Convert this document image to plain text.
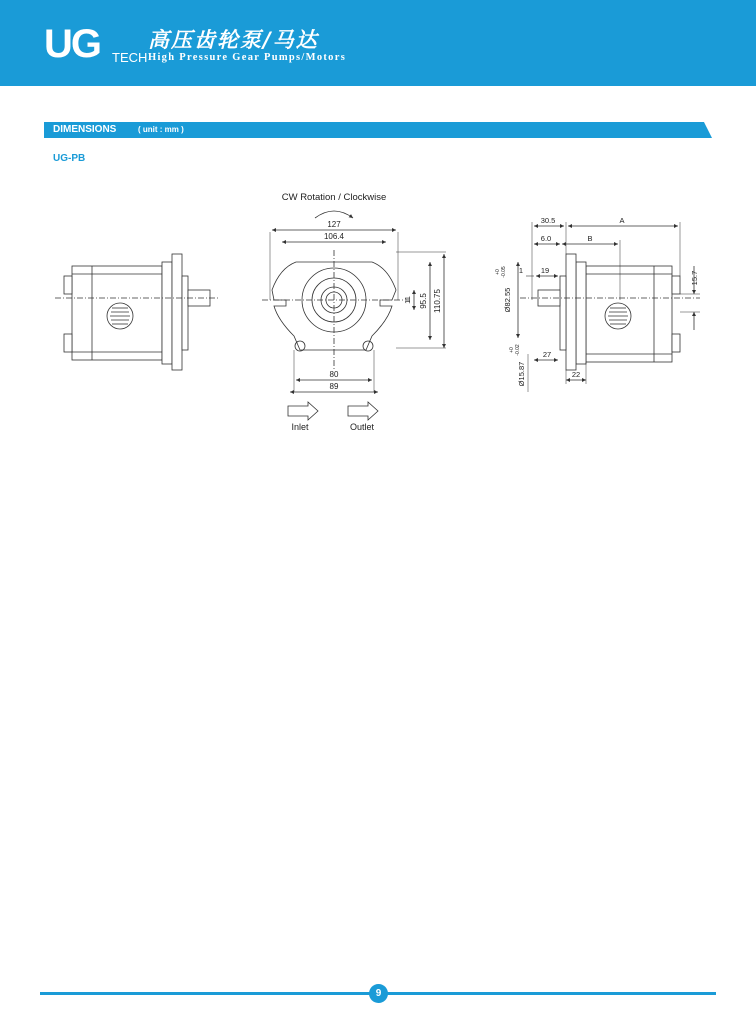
UG TECH
高压齿轮泵/马达
High Pressure Gear Pumps/Motors
DIMENSIONS	( unit : mm )
UG-PB
CW Rotation / Clockwise
127
106.4
80
89
11 95.5 110.75
Inlet	Outlet
30.5	A
6.0	B
1 19
15.7
Ø82.55
+0 -0.05
Ø15.87
+0 -0.02	27
22
9
